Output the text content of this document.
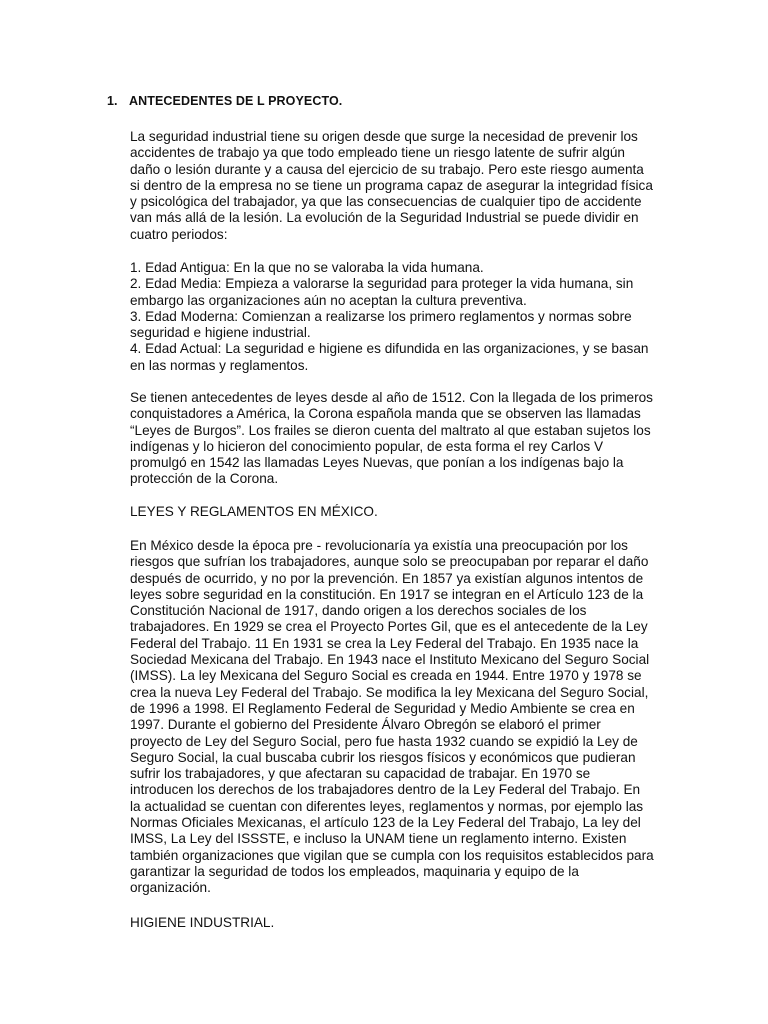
1. ANTECEDENTES DE L PROYECTO.
La seguridad industrial tiene su origen desde que surge la necesidad de prevenir los
accidentes de trabajo ya que todo empleado tiene un riesgo latente de sufrir algún
daño o lesión durante y a causa del ejercicio de su trabajo. Pero este riesgo aumenta
si dentro de la empresa no se tiene un programa capaz de asegurar la integridad física
y psicológica del trabajador, ya que las consecuencias de cualquier tipo de accidente
van más allá de la lesión. La evolución de la Seguridad Industrial se puede dividir en
cuatro periodos:
1. Edad Antigua: En la que no se valoraba la vida humana.
2. Edad Media: Empieza a valorarse la seguridad para proteger la vida humana, sin
embargo las organizaciones aún no aceptan la cultura preventiva.
3. Edad Moderna: Comienzan a realizarse los primero reglamentos y normas sobre
seguridad e higiene industrial.
4. Edad Actual: La seguridad e higiene es difundida en las organizaciones, y se basan
en las normas y reglamentos.
Se tienen antecedentes de leyes desde al año de 1512. Con la llegada de los primeros
conquistadores a América, la Corona española manda que se observen las llamadas
“Leyes de Burgos”. Los frailes se dieron cuenta del maltrato al que estaban sujetos los
indígenas y lo hicieron del conocimiento popular, de esta forma el rey Carlos V
promulgó en 1542 las llamadas Leyes Nuevas, que ponían a los indígenas bajo la
protección de la Corona.
LEYES Y REGLAMENTOS EN MÉXICO.
En México desde la época pre - revolucionaría ya existía una preocupación por los
riesgos que sufrían los trabajadores, aunque solo se preocupaban por reparar el daño
después de ocurrido, y no por la prevención. En 1857 ya existían algunos intentos de
leyes sobre seguridad en la constitución. En 1917 se integran en el Artículo 123 de la
Constitución Nacional de 1917, dando origen a los derechos sociales de los
trabajadores. En 1929 se crea el Proyecto Portes Gil, que es el antecedente de la Ley
Federal del Trabajo. 11 En 1931 se crea la Ley Federal del Trabajo. En 1935 nace la
Sociedad Mexicana del Trabajo. En 1943 nace el Instituto Mexicano del Seguro Social
(IMSS). La ley Mexicana del Seguro Social es creada en 1944. Entre 1970 y 1978 se
crea la nueva Ley Federal del Trabajo. Se modifica la ley Mexicana del Seguro Social,
de 1996 a 1998. El Reglamento Federal de Seguridad y Medio Ambiente se crea en
1997. Durante el gobierno del Presidente Álvaro Obregón se elaboró el primer
proyecto de Ley del Seguro Social, pero fue hasta 1932 cuando se expidió la Ley de
Seguro Social, la cual buscaba cubrir los riesgos físicos y económicos que pudieran
sufrir los trabajadores, y que afectaran su capacidad de trabajar. En 1970 se
introducen los derechos de los trabajadores dentro de la Ley Federal del Trabajo. En
la actualidad se cuentan con diferentes leyes, reglamentos y normas, por ejemplo las
Normas Oficiales Mexicanas, el artículo 123 de la Ley Federal del Trabajo, La ley del
IMSS, La Ley del ISSSTE, e incluso la UNAM tiene un reglamento interno. Existen
también organizaciones que vigilan que se cumpla con los requisitos establecidos para
garantizar la seguridad de todos los empleados, maquinaria y equipo de la
organización.
HIGIENE INDUSTRIAL.
